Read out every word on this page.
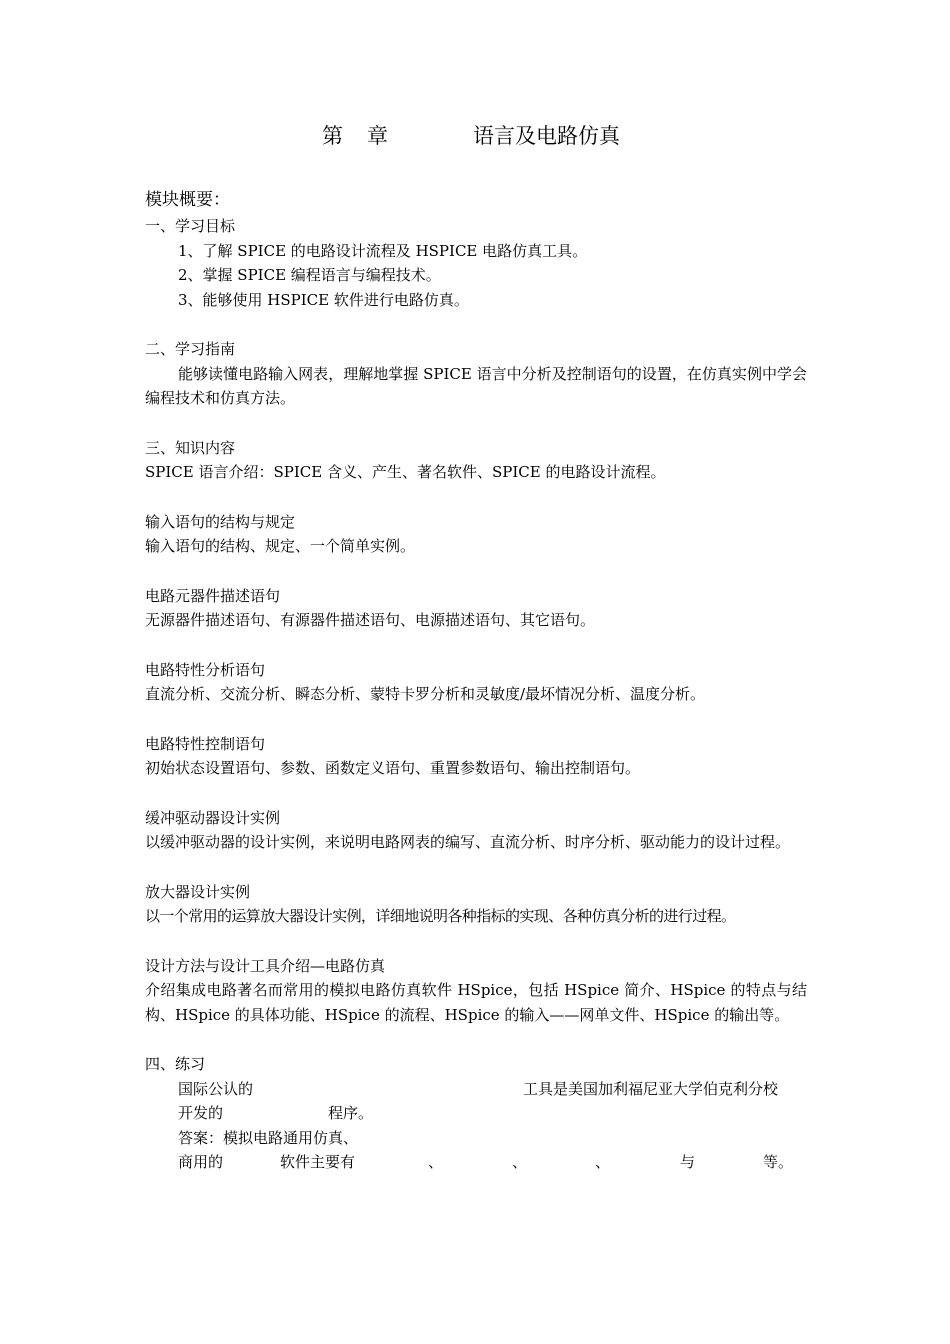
第 章	语言及电路仿真

模块概要：

一、学习目标

1、了解 SPICE 的电路设计流程及 HSPICE 电路仿真工具。

2、掌握 SPICE 编程语言与编程技术。

3、能够使用 HSPICE 软件进行电路仿真。

二、学习指南

能够读懂电路输入网表，理解地掌握 SPICE 语言中分析及控制语句的设置，在仿真实例中学会编程技术和仿真方法。

三、知识内容

SPICE 语言介绍：SPICE 含义、产生、著名软件、SPICE 的电路设计流程。

输入语句的结构与规定

输入语句的结构、规定、一个简单实例。

电路元器件描述语句

无源器件描述语句、有源器件描述语句、电源描述语句、其它语句。

电路特性分析语句

直流分析、交流分析、瞬态分析、蒙特卡罗分析和灵敏度/最坏情况分析、温度分析。

电路特性控制语句

初始状态设置语句、参数、函数定义语句、重置参数语句、输出控制语句。

缓冲驱动器设计实例

以缓冲驱动器的设计实例，来说明电路网表的编写、直流分析、时序分析、驱动能力的设计过程。

放大器设计实例

以一个常用的运算放大器设计实例，详细地说明各种指标的实现、各种仿真分析的进行过程。

设计方法与设计工具介绍—电路仿真

介绍集成电路著名而常用的模拟电路仿真软件 HSpice，包括 HSpice 简介、HSpice 的特点与结构、HSpice 的具体功能、HSpice 的流程、HSpice 的输入——网单文件、HSpice 的输出等。

四、练习

国际公认的	工具是美国加利福尼亚大学伯克利分校
开发的	程序。
答案：模拟电路通用仿真、
商用的	软件主要有	、	、	、	与	等。
